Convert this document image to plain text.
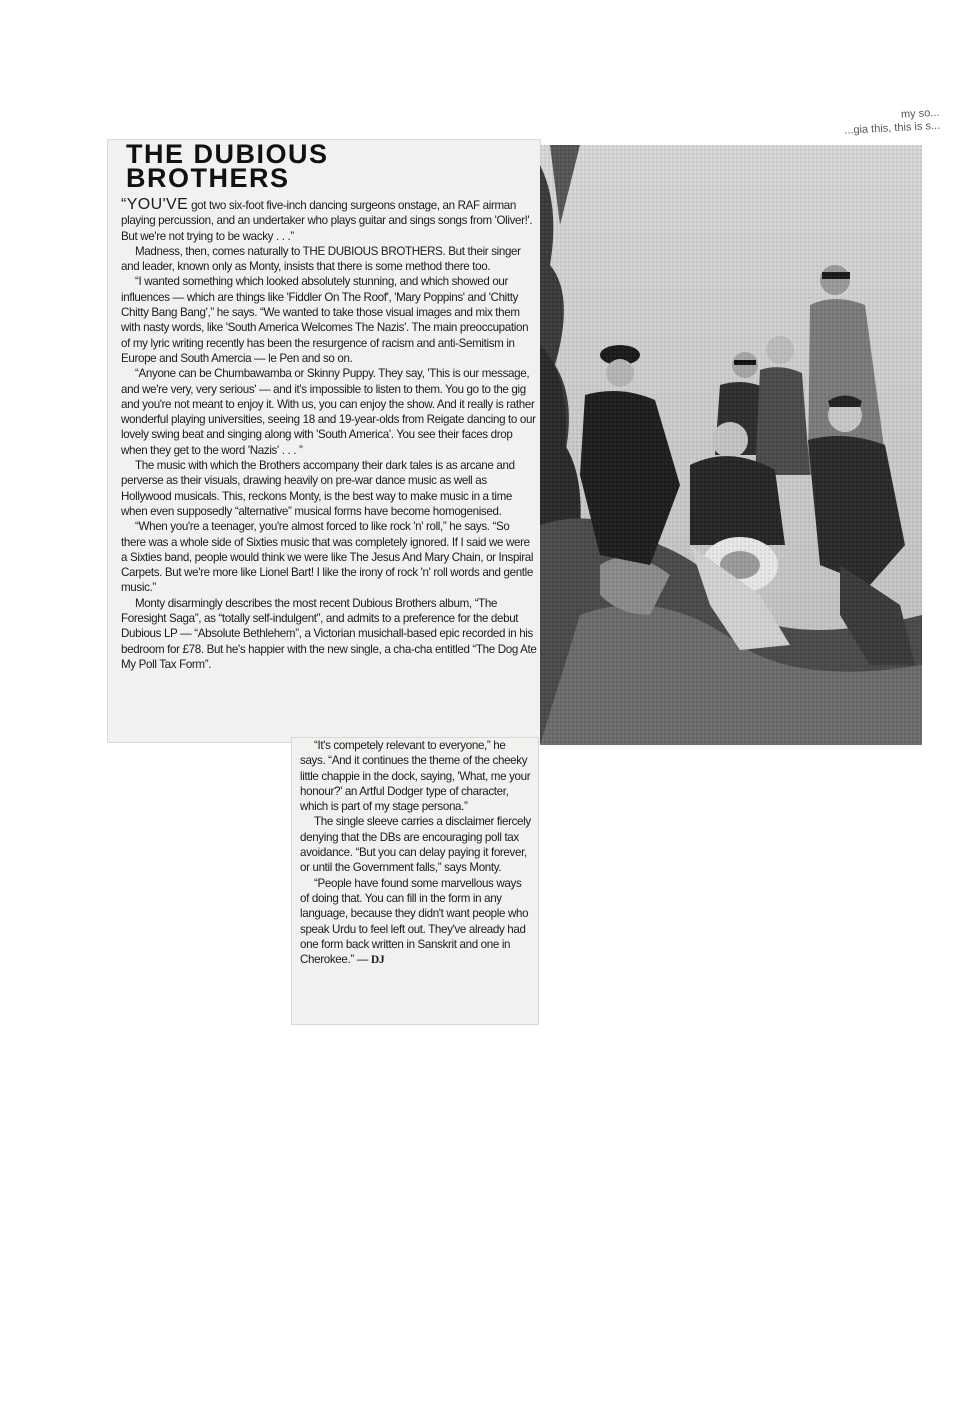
my so...
...gia this, this is s...
THE DUBIOUS
BROTHERS

“YOU'VE got two six-foot five-inch dancing surgeons onstage, an RAF airman playing percussion, and an undertaker who plays guitar and sings songs from 'Oliver!'. But we're not trying to be wacky . . .”

Madness, then, comes naturally to THE DUBIOUS BROTHERS. But their singer and leader, known only as Monty, insists that there is some method there too.

“I wanted something which looked absolutely stunning, and which showed our influences — which are things like 'Fiddler On The Roof', 'Mary Poppins' and 'Chitty Chitty Bang Bang',” he says. “We wanted to take those visual images and mix them with nasty words, like 'South America Welcomes The Nazis'. The main preoccupation of my lyric writing recently has been the resurgence of racism and anti-Semitism in Europe and South Amercia — le Pen and so on.

“Anyone can be Chumbawamba or Skinny Puppy. They say, 'This is our message, and we're very, very serious' — and it's impossible to listen to them. You go to the gig and you're not meant to enjoy it. With us, you can enjoy the show. And it really is rather wonderful playing universities, seeing 18 and 19-year-olds from Reigate dancing to our lovely swing beat and singing along with 'South America'. You see their faces drop when they get to the word 'Nazis' . . . ”

The music with which the Brothers accompany their dark tales is as arcane and perverse as their visuals, drawing heavily on pre-war dance music as well as Hollywood musicals. This, reckons Monty, is the best way to make music in a time when even supposedly “alternative” musical forms have become homogenised.

“When you're a teenager, you're almost forced to like rock 'n' roll,” he says. “So there was a whole side of Sixties music that was completely ignored. If I said we were a Sixties band, people would think we were like The Jesus And Mary Chain, or Inspiral Carpets. But we're more like Lionel Bart! I like the irony of rock 'n' roll words and gentle music.”

Monty disarmingly describes the most recent Dubious Brothers album, “The Foresight Saga”, as “totally self-indulgent”, and admits to a preference for the debut Dubious LP — “Absolute Bethlehem”, a Victorian musichall-based epic recorded in his bedroom for £78. But he's happier with the new single, a cha-cha entitled “The Dog Ate My Poll Tax Form”.

“It's competely relevant to everyone,” he says. “And it continues the theme of the cheeky little chappie in the dock, saying, 'What, me your honour?' an Artful Dodger type of character, which is part of my stage persona.”

The single sleeve carries a disclaimer fiercely denying that the DBs are encouraging poll tax avoidance. “But you can delay paying it forever, or until the Government falls,” says Monty.

“People have found some marvellous ways of doing that. You can fill in the form in any language, because they didn't want people who speak Urdu to feel left out. They've already had one form back written in Sanskrit and one in Cherokee.” — DJ
